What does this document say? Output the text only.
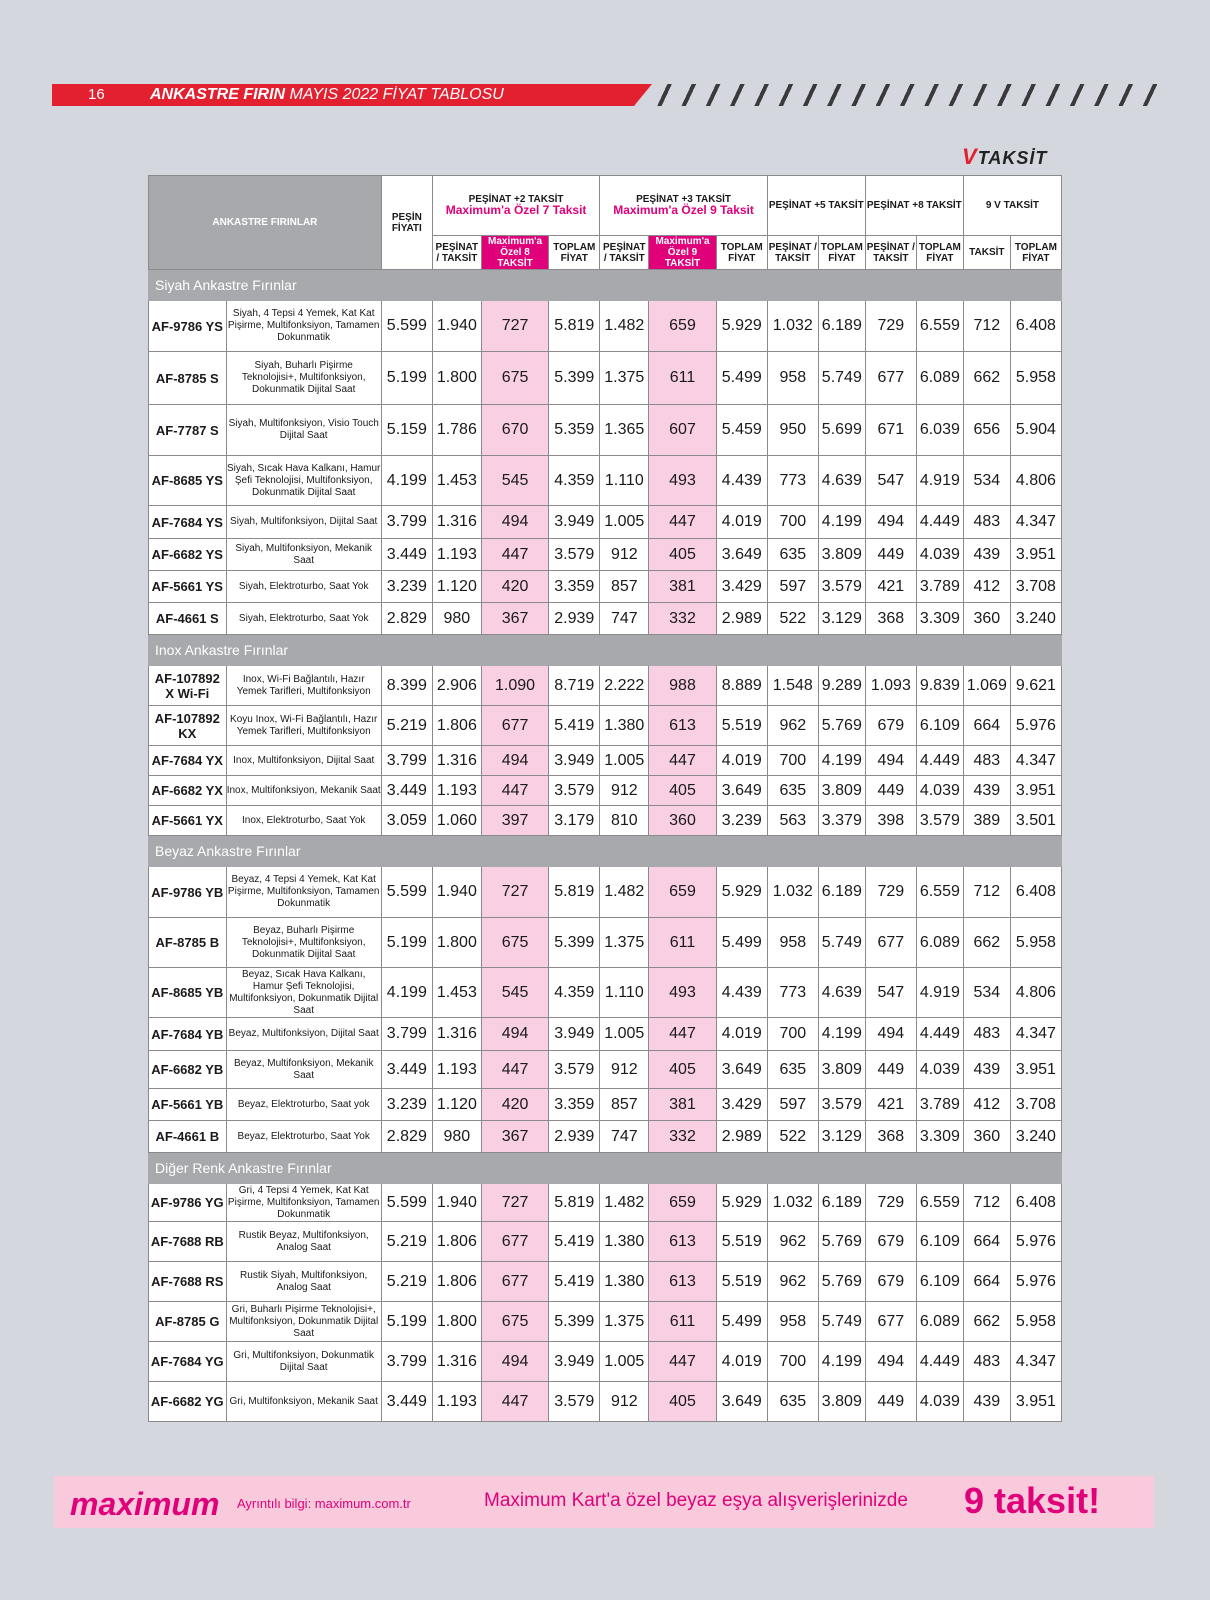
16	ANKASTRE FIRIN MAYIS 2022 FİYAT TABLOSU
VTAKSİT
ANKASTRE FIRINLAR		PEŞİN FİYATI	PEŞİNAT +2 TAKSİT
Maximum'a Özel 7 Taksit			PEŞİNAT +3 TAKSİT
Maximum'a Özel 9 Taksit			PEŞİNAT +5 TAKSİT		PEŞİNAT +8 TAKSİT		9 V TAKSİT	
			PEŞİNAT / TAKSİT	Maximum'a Özel 8 TAKSİT	TOPLAM FİYAT	PEŞİNAT / TAKSİT	Maximum'a Özel 9 TAKSİT	TOPLAM FİYAT	PEŞİNAT / TAKSİT	TOPLAM FİYAT	PEŞİNAT / TAKSİT	TOPLAM FİYAT	TAKSİT	TOPLAM FİYAT
Siyah Ankastre Fırınlar														
AF-9786 YS	Siyah, 4 Tepsi 4 Yemek, Kat Kat Pişirme, Multifonksiyon, Tamamen Dokunmatik	5.599	1.940	727	5.819	1.482	659	5.929	1.032	6.189	729	6.559	712	6.408
AF-8785 S	Siyah, Buharlı Pişirme Teknolojisi+, Multifonksiyon, Dokunmatik Dijital Saat	5.199	1.800	675	5.399	1.375	611	5.499	958	5.749	677	6.089	662	5.958
AF-7787 S	Siyah, Multifonksiyon, Visio Touch Dijital Saat	5.159	1.786	670	5.359	1.365	607	5.459	950	5.699	671	6.039	656	5.904
AF-8685 YS	Siyah, Sıcak Hava Kalkanı, Hamur Şefi Teknolojisi, Multifonksiyon, Dokunmatik Dijital Saat	4.199	1.453	545	4.359	1.110	493	4.439	773	4.639	547	4.919	534	4.806
AF-7684 YS	Siyah, Multifonksiyon, Dijital Saat	3.799	1.316	494	3.949	1.005	447	4.019	700	4.199	494	4.449	483	4.347
AF-6682 YS	Siyah, Multifonksiyon, Mekanik Saat	3.449	1.193	447	3.579	912	405	3.649	635	3.809	449	4.039	439	3.951
AF-5661 YS	Siyah, Elektroturbo, Saat Yok	3.239	1.120	420	3.359	857	381	3.429	597	3.579	421	3.789	412	3.708
AF-4661 S	Siyah, Elektroturbo, Saat Yok	2.829	980	367	2.939	747	332	2.989	522	3.129	368	3.309	360	3.240
Inox Ankastre Fırınlar														
AF-107892 X Wi-Fi	Inox, Wi-Fi Bağlantılı, Hazır Yemek Tarifleri, Multifonksiyon	8.399	2.906	1.090	8.719	2.222	988	8.889	1.548	9.289	1.093	9.839	1.069	9.621
AF-107892 KX	Koyu Inox, Wi-Fi Bağlantılı, Hazır Yemek Tarifleri, Multifonksiyon	5.219	1.806	677	5.419	1.380	613	5.519	962	5.769	679	6.109	664	5.976
AF-7684 YX	Inox, Multifonksiyon, Dijital Saat	3.799	1.316	494	3.949	1.005	447	4.019	700	4.199	494	4.449	483	4.347
AF-6682 YX	Inox, Multifonksiyon, Mekanik Saat	3.449	1.193	447	3.579	912	405	3.649	635	3.809	449	4.039	439	3.951
AF-5661 YX	Inox, Elektroturbo, Saat Yok	3.059	1.060	397	3.179	810	360	3.239	563	3.379	398	3.579	389	3.501
Beyaz Ankastre Fırınlar														
AF-9786 YB	Beyaz, 4 Tepsi 4 Yemek, Kat Kat Pişirme, Multifonksiyon, Tamamen Dokunmatik	5.599	1.940	727	5.819	1.482	659	5.929	1.032	6.189	729	6.559	712	6.408
AF-8785 B	Beyaz, Buharlı Pişirme Teknolojisi+, Multifonksiyon, Dokunmatik Dijital Saat	5.199	1.800	675	5.399	1.375	611	5.499	958	5.749	677	6.089	662	5.958
AF-8685 YB	Beyaz, Sıcak Hava Kalkanı, Hamur Şefi Teknolojisi, Multifonksiyon, Dokunmatik Dijital Saat	4.199	1.453	545	4.359	1.110	493	4.439	773	4.639	547	4.919	534	4.806
AF-7684 YB	Beyaz, Multifonksiyon, Dijital Saat	3.799	1.316	494	3.949	1.005	447	4.019	700	4.199	494	4.449	483	4.347
AF-6682 YB	Beyaz, Multifonksiyon, Mekanik Saat	3.449	1.193	447	3.579	912	405	3.649	635	3.809	449	4.039	439	3.951
AF-5661 YB	Beyaz, Elektroturbo, Saat yok	3.239	1.120	420	3.359	857	381	3.429	597	3.579	421	3.789	412	3.708
AF-4661 B	Beyaz, Elektroturbo, Saat Yok	2.829	980	367	2.939	747	332	2.989	522	3.129	368	3.309	360	3.240
Diğer Renk Ankastre Fırınlar														
AF-9786 YG	Gri, 4 Tepsi 4 Yemek, Kat Kat Pişirme, Multifonksiyon, Tamamen Dokunmatik	5.599	1.940	727	5.819	1.482	659	5.929	1.032	6.189	729	6.559	712	6.408
AF-7688 RB	Rustik Beyaz, Multifonksiyon, Analog Saat	5.219	1.806	677	5.419	1.380	613	5.519	962	5.769	679	6.109	664	5.976
AF-7688 RS	Rustik Siyah, Multifonksiyon, Analog Saat	5.219	1.806	677	5.419	1.380	613	5.519	962	5.769	679	6.109	664	5.976
AF-8785 G	Gri, Buharlı Pişirme Teknolojisi+, Multifonksiyon, Dokunmatik Dijital Saat	5.199	1.800	675	5.399	1.375	611	5.499	958	5.749	677	6.089	662	5.958
AF-7684 YG	Gri, Multifonksiyon, Dokunmatik Dijital Saat	3.799	1.316	494	3.949	1.005	447	4.019	700	4.199	494	4.449	483	4.347
AF-6682 YG	Gri, Multifonksiyon, Mekanik Saat	3.449	1.193	447	3.579	912	405	3.649	635	3.809	449	4.039	439	3.951
maximum Ayrıntılı bilgi: maximum.com.tr	Maximum Kart'a özel beyaz eşya alışverişlerinizde 9 taksit!
